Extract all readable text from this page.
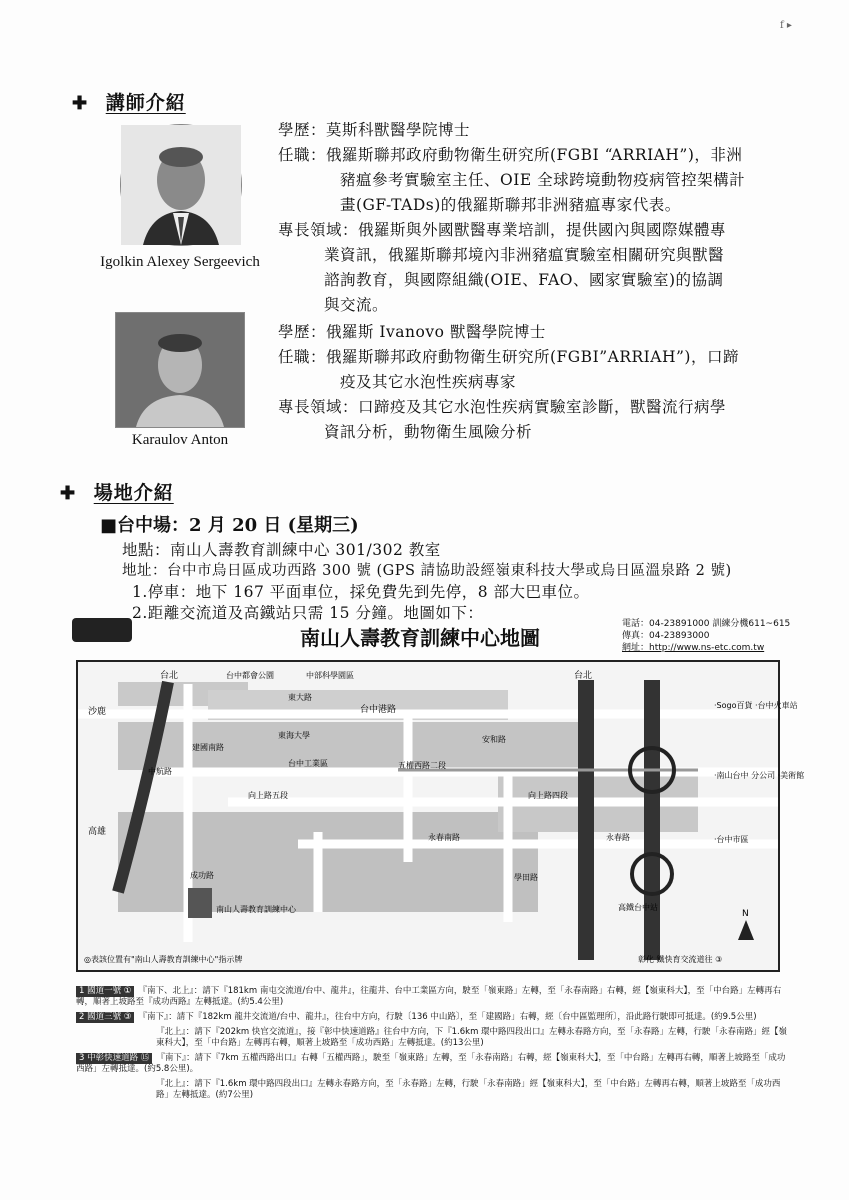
f ▸
✚ 講師介紹
Igolkin Alexey Sergeevich
學歷：莫斯科獸醫學院博士
任職：俄羅斯聯邦政府動物衛生研究所(FGBI “ARRIAH”)，非洲
豬瘟參考實驗室主任、OIE 全球跨境動物疫病管控架構計
畫(GF-TADs)的俄羅斯聯邦非洲豬瘟專家代表。
專長領域：俄羅斯與外國獸醫專業培訓，提供國內與國際媒體專
業資訊，俄羅斯聯邦境內非洲豬瘟實驗室相關研究與獸醫
諮詢教育，與國際組織(OIE、FAO、國家實驗室)的協調
與交流。
Karaulov Anton
學歷：俄羅斯 Ivanovo 獸醫學院博士
任職：俄羅斯聯邦政府動物衛生研究所(FGBI”ARRIAH”)，口蹄
疫及其它水泡性疾病專家
專長領域：口蹄疫及其它水泡性疾病實驗室診斷，獸醫流行病學
資訊分析，動物衛生風險分析
✚ 場地介紹
■台中場：2 月 20 日 (星期三)
地點：南山人壽教育訓練中心 301/302 教室
地址：台中市烏日區成功西路 300 號 (GPS 請協助設經嶺東科技大學或烏日區溫泉路 2 號)
1.停車：地下 167 平面車位，採免費先到先停，8 部大巴車位。
2.距離交流道及高鐵站只需 15 分鐘。地圖如下：
南山人壽教育訓練中心地圖
電話：04-23891000 訓練分機611~615
傳真：04-23893000
網址：http://www.ns-etc.com.tw
台北	台北
沙鹿
高雄
台中都會公園	中部科學園區
東大路
東海大學
台中港路
台中工業區
安和路
五權西路二段
向上路五段	向上路四段
建國南路
中航路
永春南路	永春路
學田路
成功路
南山人壽教育訓練中心
·Sogo百貨 ·台中火車站
·南山台中 分公司 ·美術館
·台中市區
高鐵台中站
N
◎表該位置有"南山人壽教育訓練中心"指示牌	彰化 鐵快育交流道往 ③
1 國道一號 ① 『南下、北上』：請下『181km 南屯交流道/台中、龍井』，往龍井、台中工業區方向，駛至「嶺東路」左轉，至「永春南路」右轉，經【嶺東科大】，至「中台路」左轉再右轉，順著上坡路至『成功西路』左轉抵達。(約5.4公里)
2 國道三號 ③ 『南下』：請下『182km 龍井交流道/台中、龍井』，往台中方向，行駛〔136 中山路〕，至「建國路」右轉，經〔台中區監理所〕，沿此路行駛即可抵達。(約9.5公里)
『北上』：請下『202km 快官交流道』，接『彰中快速道路』往台中方向，下『1.6km 環中路四段出口』左轉永春路方向，至「永春路」左轉，行駛「永春南路」經【嶺東科大】，至「中台路」左轉再右轉，順著上坡路至「成功西路」左轉抵達。(約13公里)
3 中彰快速道路 ⑮ 『南下』：請下『7km 五權西路出口』右轉「五權西路」，駛至「嶺東路」左轉，至「永春南路」右轉，經【嶺東科大】，至「中台路」左轉再右轉，順著上坡路至「成功西路」左轉抵達。(約5.8公里)。
『北上』：請下『1.6km 環中路四段出口』左轉永春路方向，至「永春路」左轉，行駛「永春南路」經【嶺東科大】，至「中台路」左轉再右轉，順著上坡路至「成功西路」左轉抵達。(約7公里)
